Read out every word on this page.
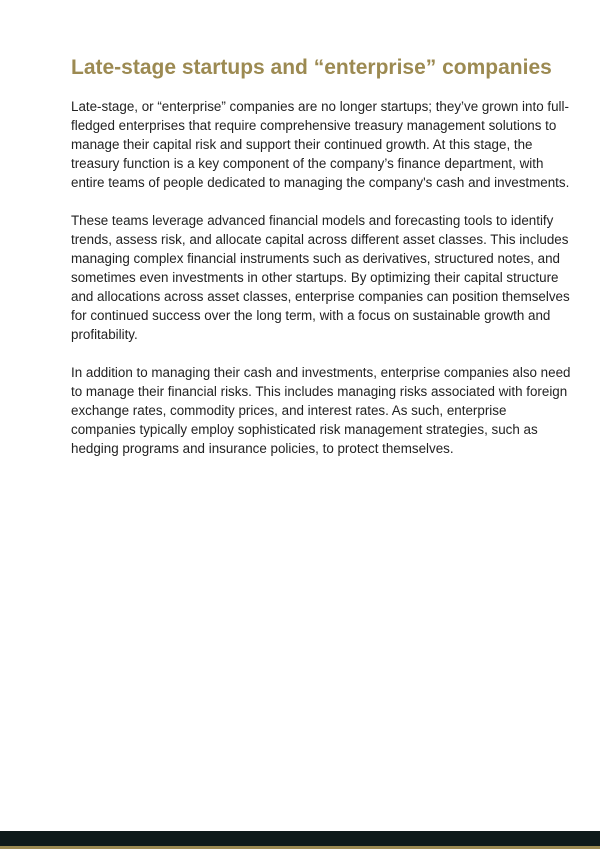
Late-stage startups and “enterprise” companies

Late-stage, or “enterprise” companies are no longer startups; they’ve grown into full-
fledged enterprises that require comprehensive treasury management solutions to
manage their capital risk and support their continued growth. At this stage, the
treasury function is a key component of the company’s finance department, with
entire teams of people dedicated to managing the company's cash and investments.

These teams leverage advanced financial models and forecasting tools to identify
trends, assess risk, and allocate capital across different asset classes. This includes
managing complex financial instruments such as derivatives, structured notes, and
sometimes even investments in other startups. By optimizing their capital structure
and allocations across asset classes, enterprise companies can position themselves
for continued success over the long term, with a focus on sustainable growth and
profitability.

In addition to managing their cash and investments, enterprise companies also need
to manage their financial risks. This includes managing risks associated with foreign
exchange rates, commodity prices, and interest rates. As such, enterprise
companies typically employ sophisticated risk management strategies, such as
hedging programs and insurance policies, to protect themselves.
